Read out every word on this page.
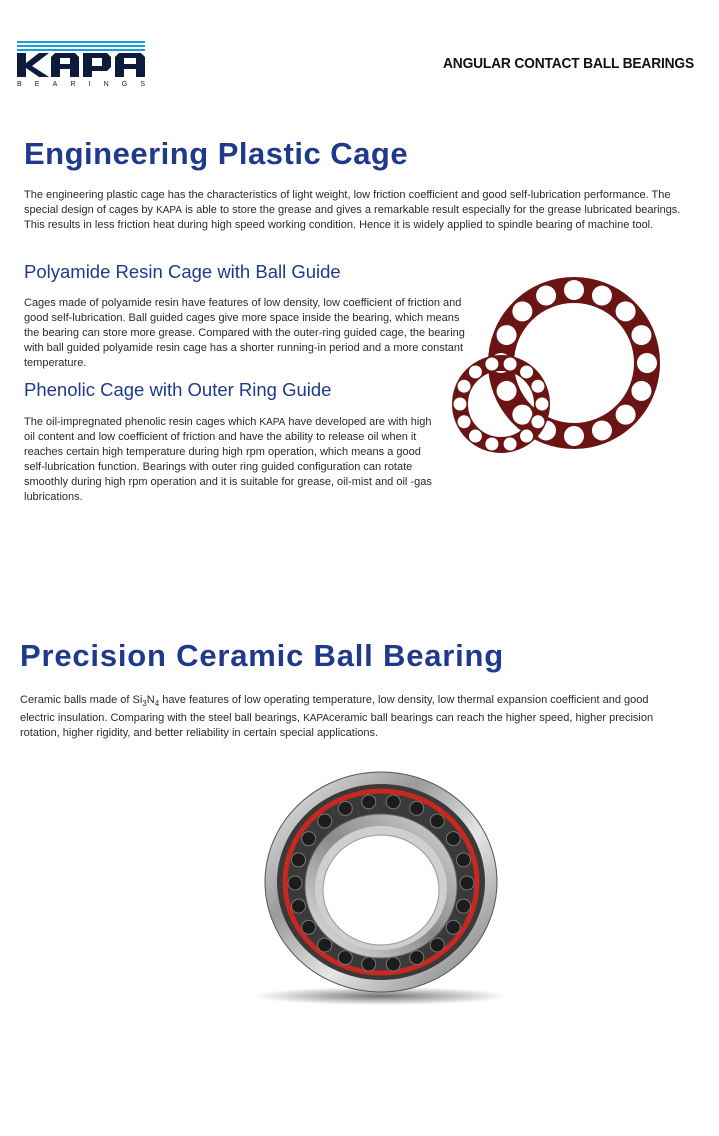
BEARINGS
ANGULAR CONTACT BALL BEARINGS
Engineering Plastic Cage

The engineering plastic cage has the characteristics of light weight, low friction coefficient and good self-lubrication performance. The special design of cages by KAPA is able to store the grease and gives a remarkable result especially for the grease lubricated bearings. This results in less friction heat during high speed working condition. Hence it is widely applied to spindle bearing of machine tool.

Polyamide Resin Cage with Ball Guide

Cages made of polyamide resin have features of low density, low coefficient of friction and good self-lubrication. Ball guided cages give more space inside the bearing, which means the bearing can store more grease. Compared with the outer-ring guided cage, the bearing with ball guided polyamide resin cage has a shorter running-in period and a more constant temperature.

Phenolic Cage with Outer Ring Guide

The oil-impregnated phenolic resin cages which KAPA have developed are with high oil content and low coefficient of friction and have the ability to release oil when it reaches certain high temperature during high rpm operation, which means a good self-lubrication function. Bearings with outer ring guided configuration can rotate smoothly during high rpm operation and it is suitable for grease, oil-mist and oil -gas lubrications.

Precision Ceramic Ball Bearing

Ceramic balls made of $Si_3N_4$ have features of low operating temperature, low density, low thermal expansion coefficient and good electric insulation. Comparing with the steel ball bearings, KAPAceramic ball bearings can reach the higher speed, higher precision rotation, higher rigidity, and better reliability in certain special applications.
